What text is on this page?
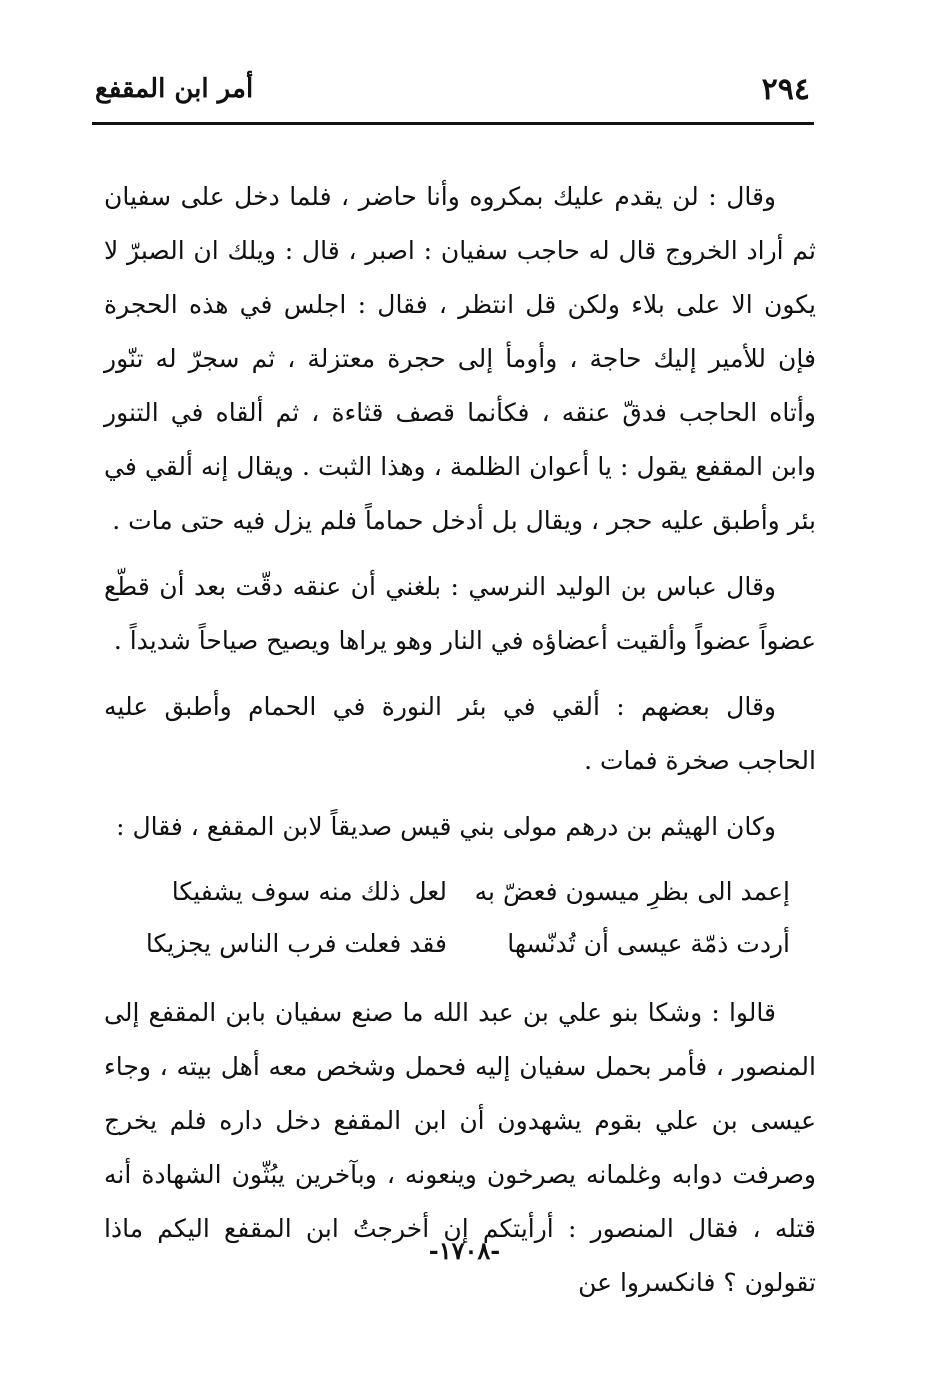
٢٩٤
أمر ابن المقفع

وقال : لن يقدم عليك بمكروه وأنا حاضر ، فلما دخل على سفيان ثم أراد الخروج قال له حاجب سفيان : اصبر ، قال : ويلك ان الصبرّ لا يكون الا على بلاء ولكن قل انتظر ، فقال : اجلس في هذه الحجرة فإن للأمير إليك حاجة ، وأومأ إلى حجرة معتزلة ، ثم سجرّ له تنّور وأتاه الحاجب فدقّ عنقه ، فكأنما قصف قثاءة ، ثم ألقاه في التنور وابن المقفع يقول : يا أعوان الظلمة ، وهذا الثبت . ويقال إنه ألقي في بئر وأطبق عليه حجر ، ويقال بل أدخل حماماً فلم يزل فيه حتى مات .

وقال عباس بن الوليد النرسي : بلغني أن عنقه دقّت بعد أن قطّع عضواً عضواً وألقيت أعضاؤه في النار وهو يراها ويصيح صياحاً شديداً .

وقال بعضهم : ألقي في بئر النورة في الحمام وأطبق عليه الحاجب صخرة فمات .

وكان الهيثم بن درهم مولى بني قيس صديقاً لابن المقفع ، فقال :

إعمد الى بظرِ ميسون فعضّ به
لعل ذلك منه سوف يشفيكا
أردت ذمّة عيسى أن تُدنّسها
فقد فعلت فرب الناس يجزيكا

قالوا : وشكا بنو علي بن عبد الله ما صنع سفيان بابن المقفع إلى المنصور ، فأمر بحمل سفيان إليه فحمل وشخص معه أهل بيته ، وجاء عيسى بن علي بقوم يشهدون أن ابن المقفع دخل داره فلم يخرج وصرفت دوابه وغلمانه يصرخون وينعونه ، وبآخرين يبُثّون الشهادة أنه قتله ، فقال المنصور : أرأيتكم إن أخرجتُ ابن المقفع اليكم ماذا تقولون ؟ فانكسروا عن

-١٧٠٨-
